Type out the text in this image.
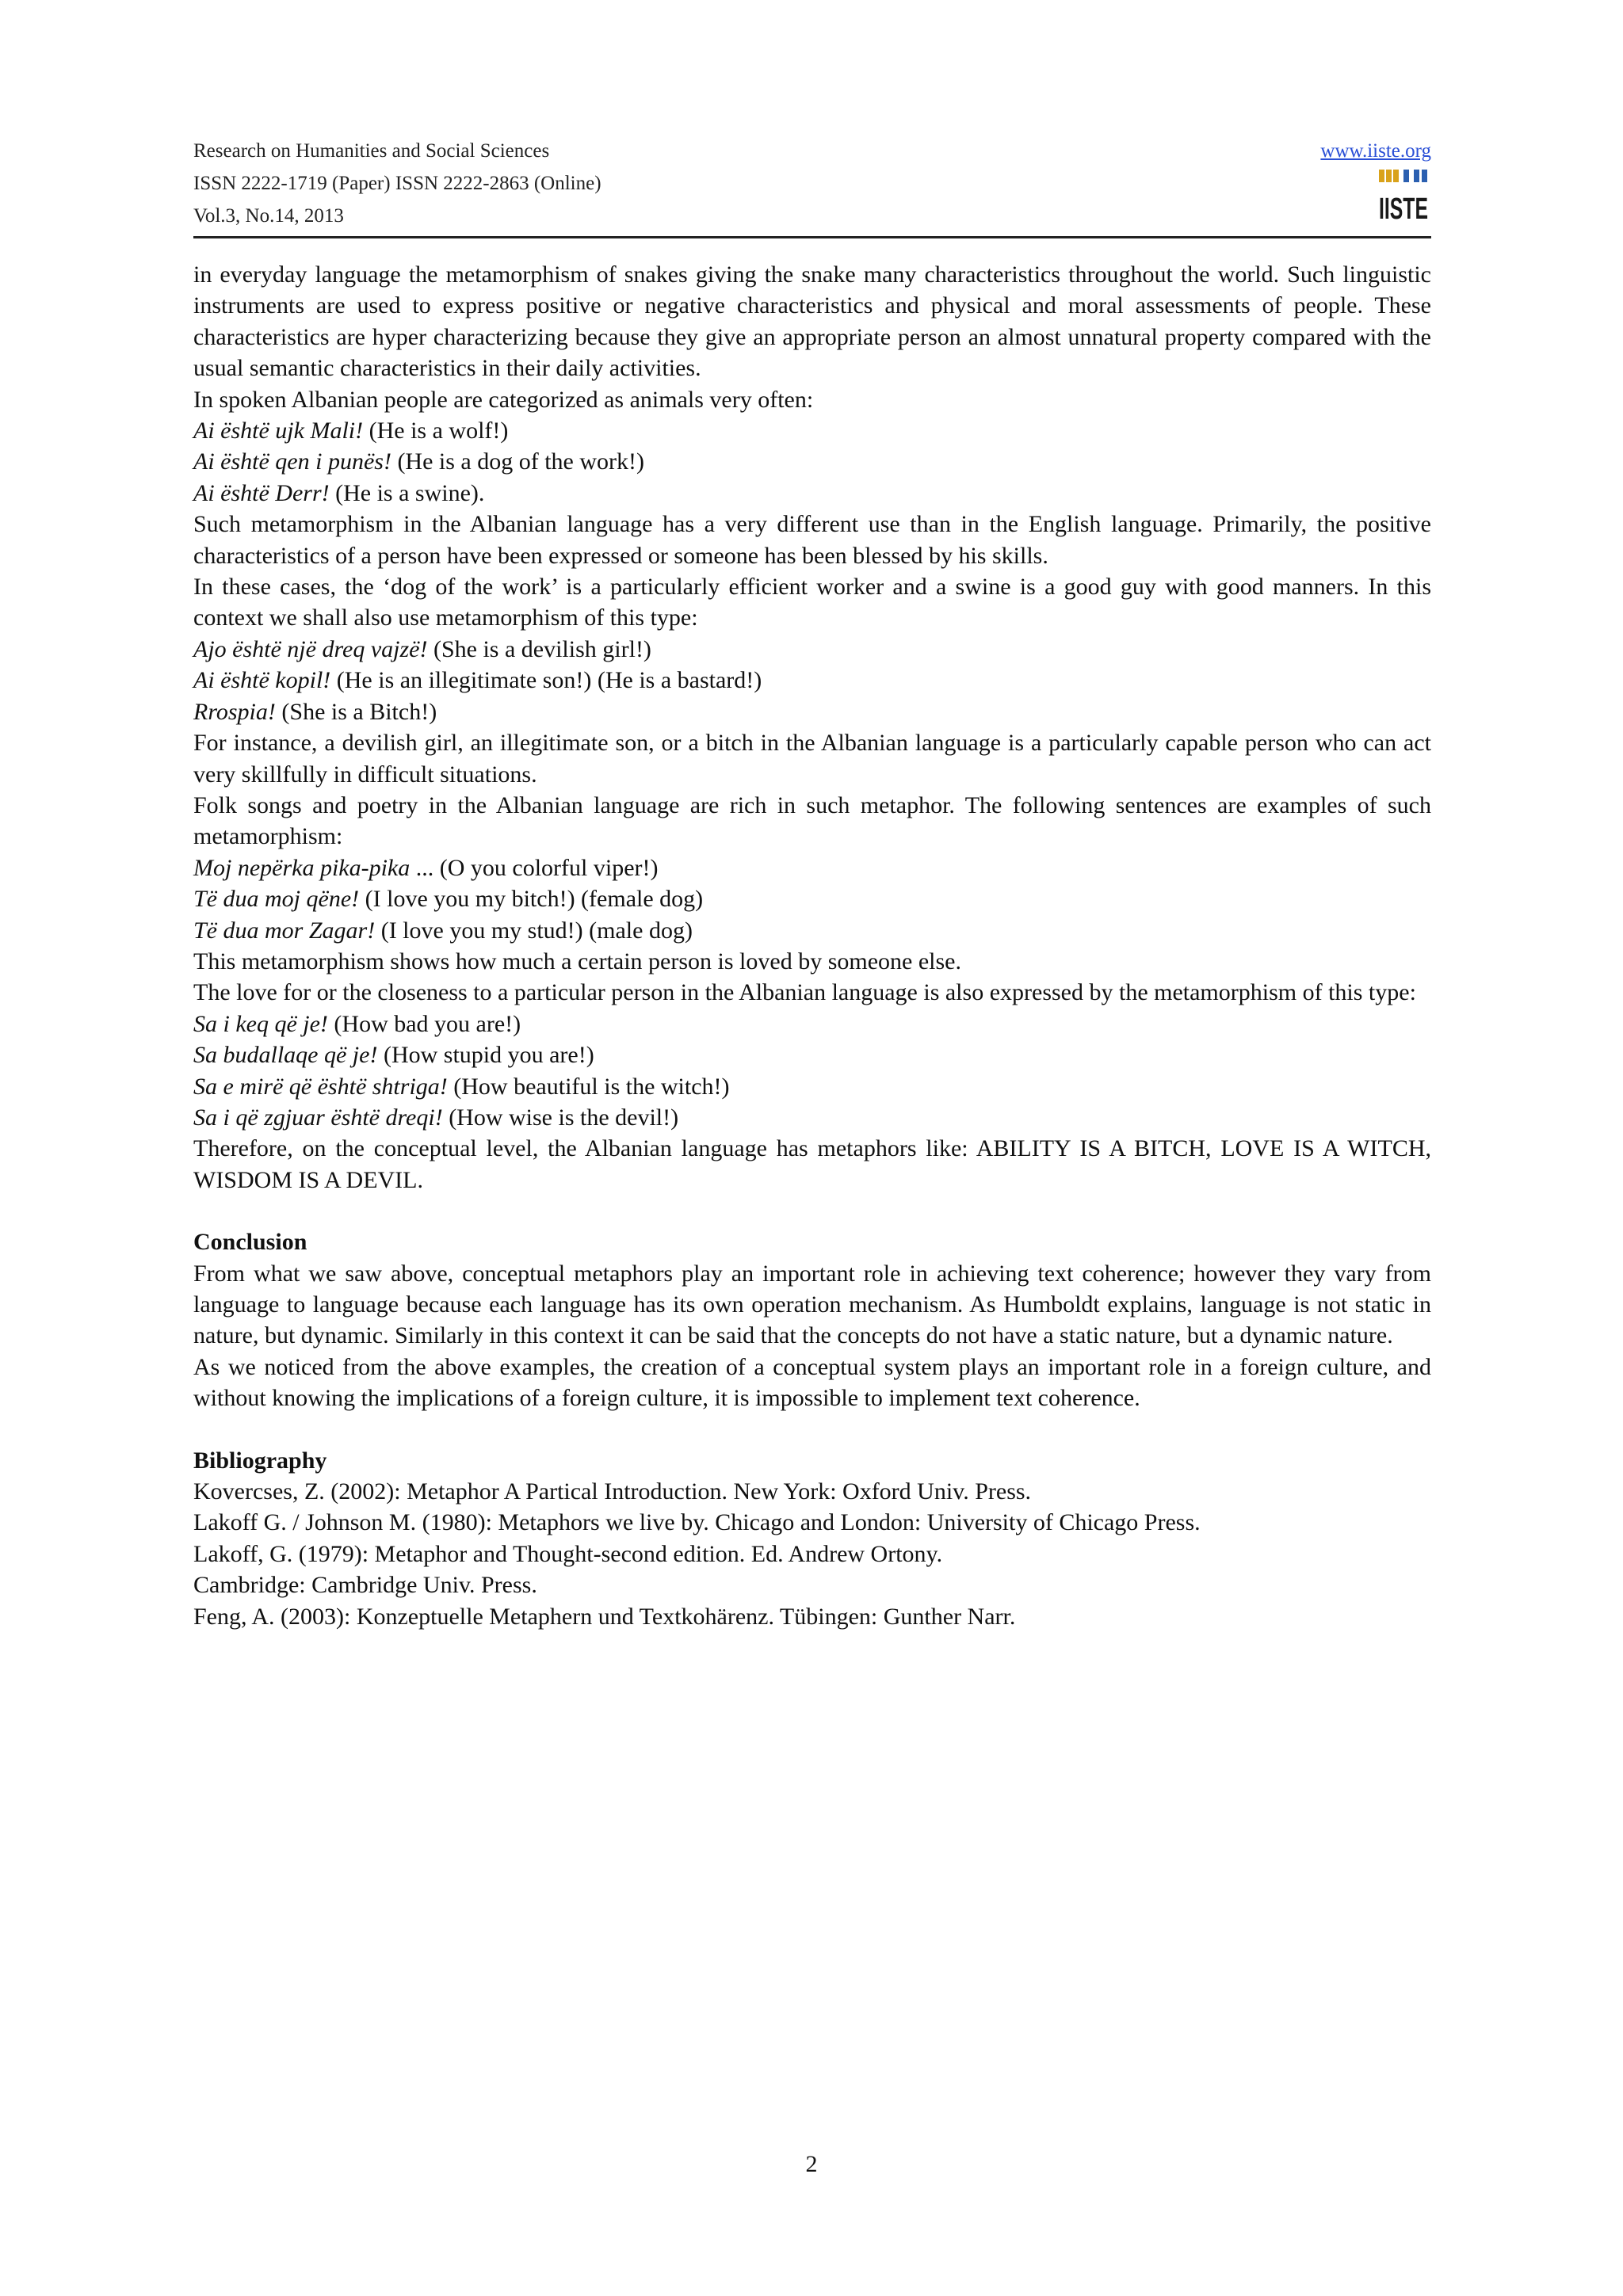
Research on Humanities and Social Sciences
ISSN 2222-1719 (Paper) ISSN 2222-2863 (Online)
Vol.3, No.14, 2013
www.iiste.org
IISTE

in everyday language the metamorphism of snakes giving the snake many characteristics throughout the world. Such linguistic instruments are used to express positive or negative characteristics and physical and moral assessments of people. These characteristics are hyper characterizing because they give an appropriate person an almost unnatural property compared with the usual semantic characteristics in their daily activities.

In spoken Albanian people are categorized as animals very often:

Ai është ujk Mali! (He is a wolf!)

Ai është qen i punës! (He is a dog of the work!)

Ai është Derr! (He is a swine).

Such metamorphism in the Albanian language has a very different use than in the English language. Primarily, the positive characteristics of a person have been expressed or someone has been blessed by his skills.

In these cases, the ‘dog of the work’ is a particularly efficient worker and a swine is a good guy with good manners. In this context we shall also use metamorphism of this type:

Ajo është një dreq vajzë! (She is a devilish girl!)

Ai është kopil! (He is an illegitimate son!) (He is a bastard!)

Rrospia! (She is a Bitch!)

For instance, a devilish girl, an illegitimate son, or a bitch in the Albanian language is a particularly capable person who can act very skillfully in difficult situations.

Folk songs and poetry in the Albanian language are rich in such metaphor. The following sentences are examples of such metamorphism:

Moj nepërka pika-pika ... (O you colorful viper!)

Të dua moj qëne! (I love you my bitch!) (female dog)

Të dua mor Zagar! (I love you my stud!) (male dog)

This metamorphism shows how much a certain person is loved by someone else.

The love for or the closeness to a particular person in the Albanian language is also expressed by the metamorphism of this type:

Sa i keq që je! (How bad you are!)

Sa budallaqe që je! (How stupid you are!)

Sa e mirë që është shtriga! (How beautiful is the witch!)

Sa i që zgjuar është dreqi! (How wise is the devil!)

Therefore, on the conceptual level, the Albanian language has metaphors like: ABILITY IS A BITCH, LOVE IS A WITCH, WISDOM IS A DEVIL.

Conclusion

From what we saw above, conceptual metaphors play an important role in achieving text coherence; however they vary from language to language because each language has its own operation mechanism. As Humboldt explains, language is not static in nature, but dynamic. Similarly in this context it can be said that the concepts do not have a static nature, but a dynamic nature.

As we noticed from the above examples, the creation of a conceptual system plays an important role in a foreign culture, and without knowing the implications of a foreign culture, it is impossible to implement text coherence.

Bibliography

Kovercses, Z. (2002): Metaphor A Partical Introduction. New York: Oxford Univ. Press.

Lakoff G. / Johnson M. (1980): Metaphors we live by. Chicago and London: University of Chicago Press.

Lakoff, G. (1979): Metaphor and Thought-second edition. Ed. Andrew Ortony.

Cambridge: Cambridge Univ. Press.

Feng, A. (2003): Konzeptuelle Metaphern und Textkohärenz. Tübingen: Gunther Narr.

2
